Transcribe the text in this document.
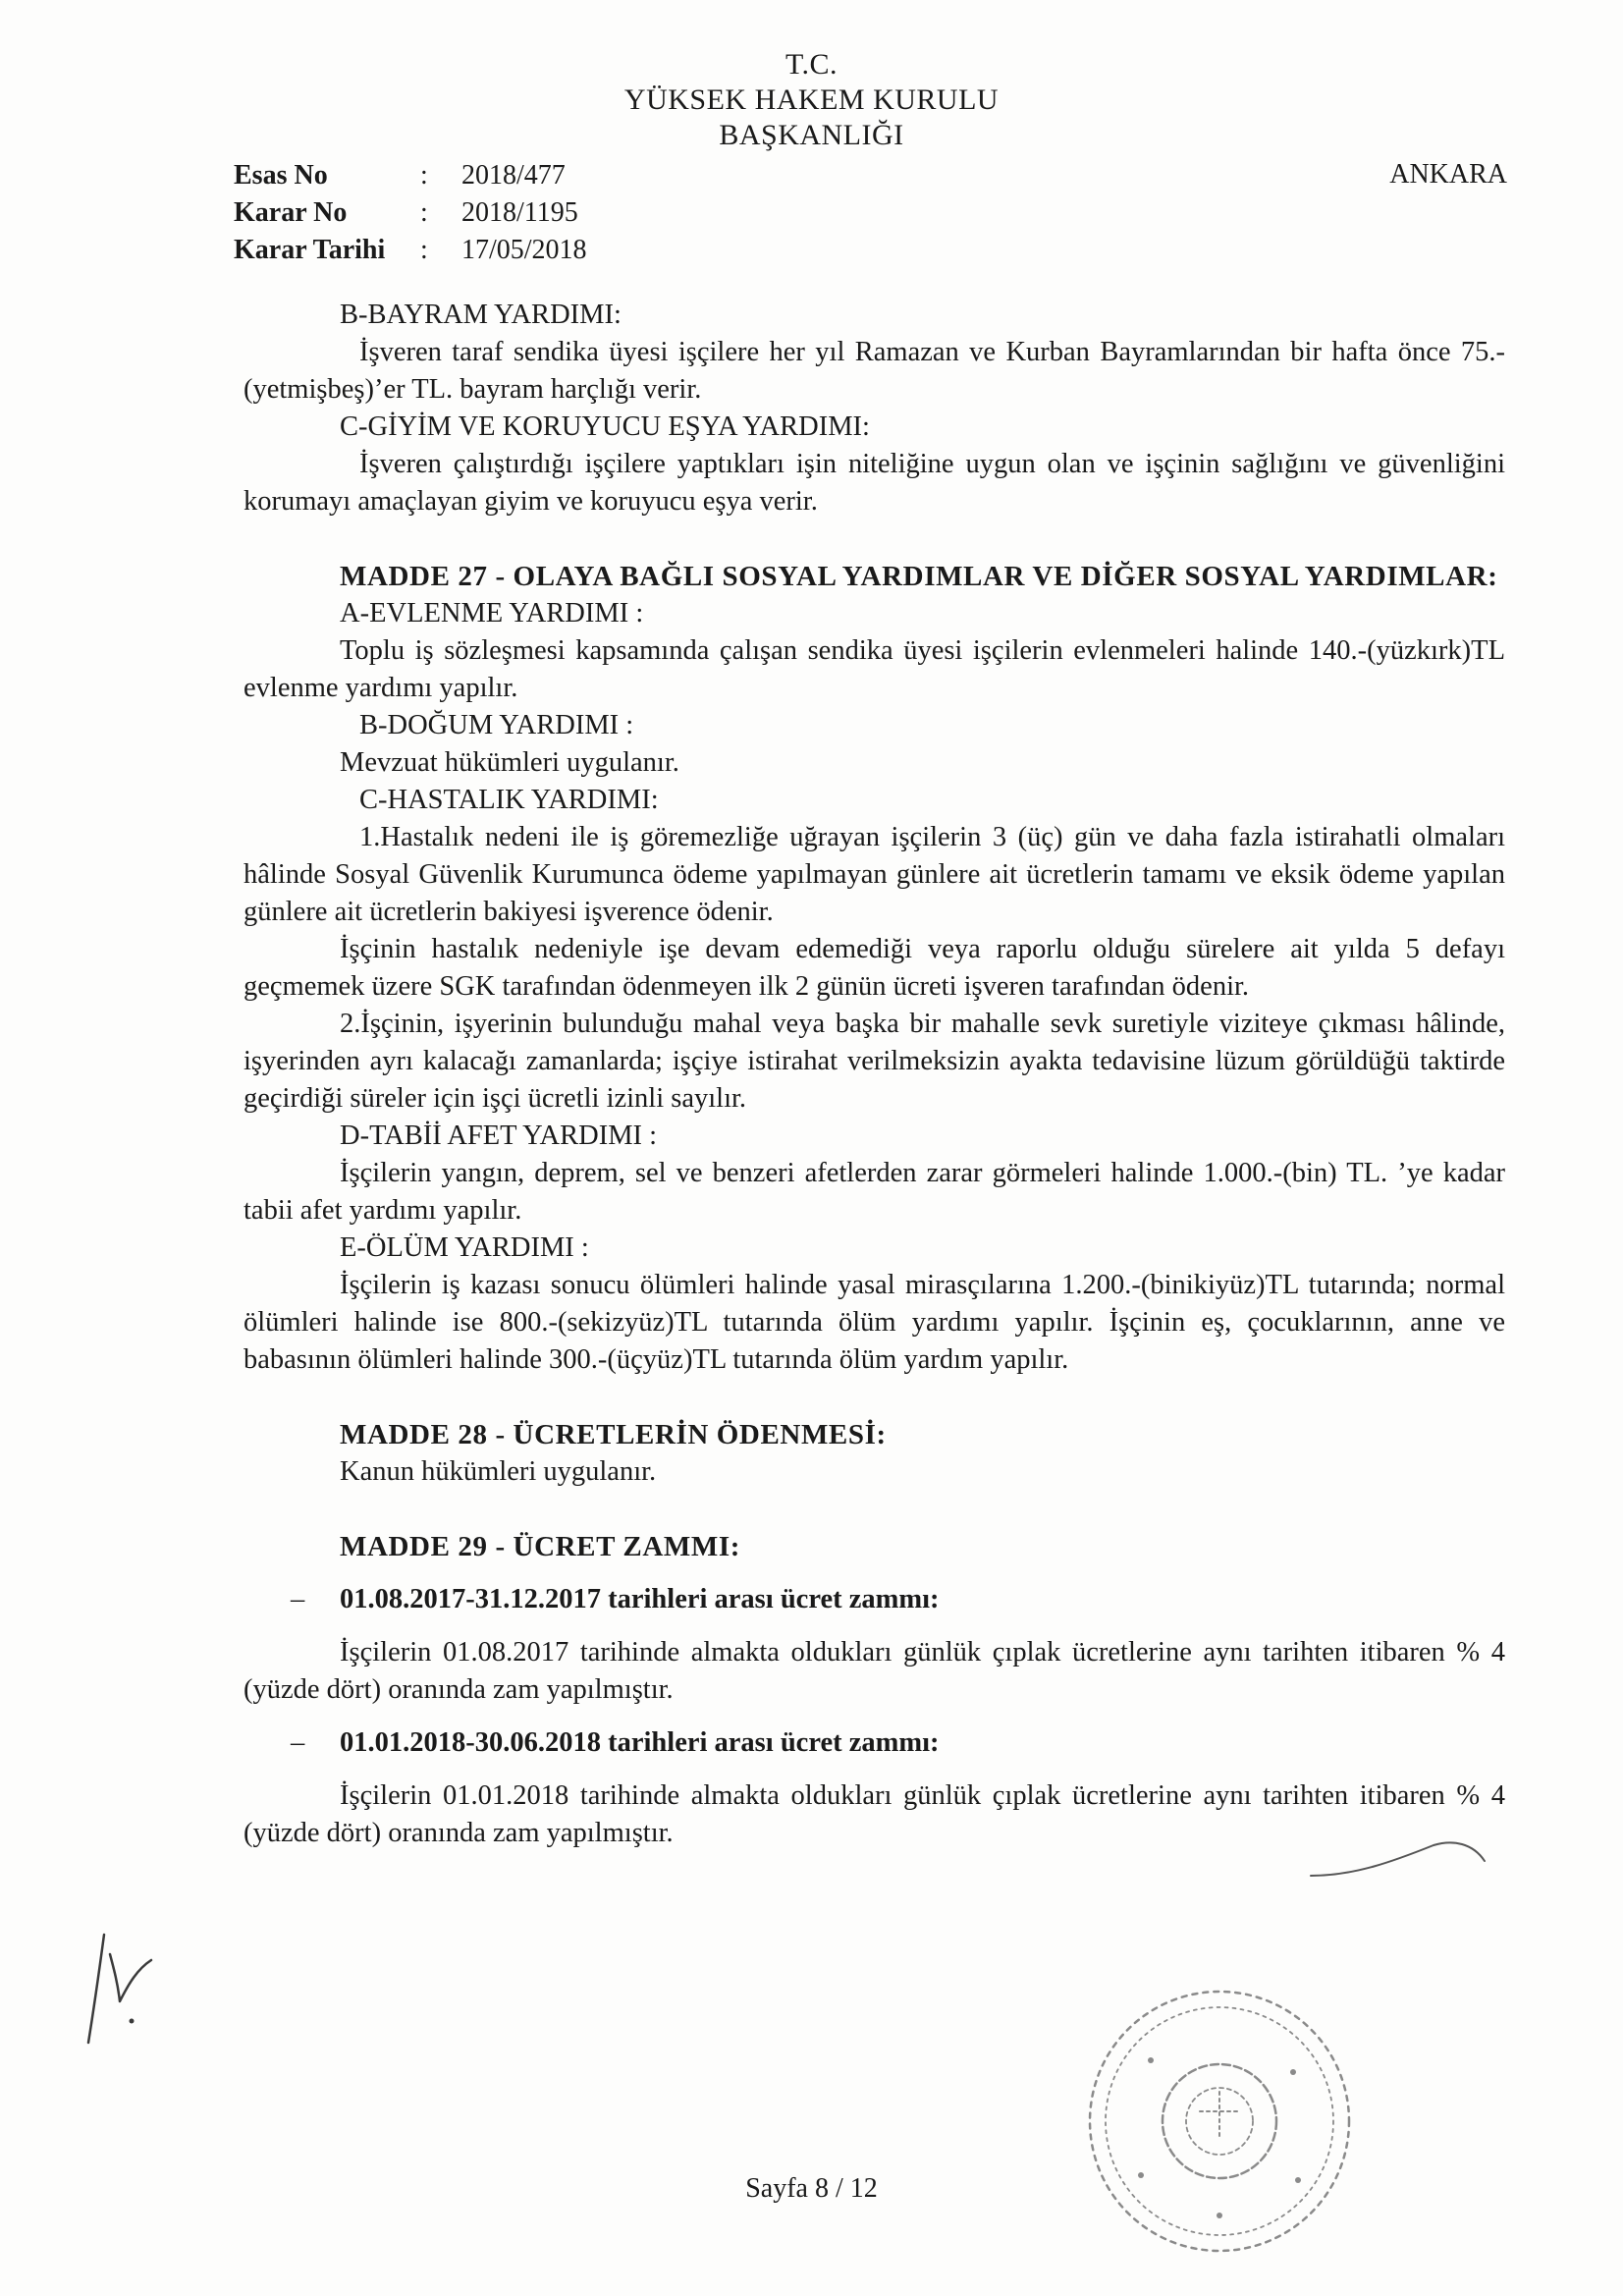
T.C.
YÜKSEK HAKEM KURULU
BAŞKANLIĞI
Esas No	: 2018/477
Karar No	: 2018/1195
Karar Tarihi : 17/05/2018
ANKARA

B-BAYRAM YARDIMI:

İşveren taraf sendika üyesi işçilere her yıl Ramazan ve Kurban Bayramlarından bir hafta önce 75.-(yetmişbeş)’er TL. bayram harçlığı verir.

C-GİYİM VE KORUYUCU EŞYA YARDIMI:

İşveren çalıştırdığı işçilere yaptıkları işin niteliğine uygun olan ve işçinin sağlığını ve güvenliğini korumayı amaçlayan giyim ve koruyucu eşya verir.

MADDE 27 - OLAYA BAĞLI SOSYAL YARDIMLAR VE DİĞER SOSYAL YARDIMLAR:

A-EVLENME YARDIMI :

Toplu iş sözleşmesi kapsamında çalışan sendika üyesi işçilerin evlenmeleri halinde 140.-(yüzkırk)TL evlenme yardımı yapılır.

B-DOĞUM YARDIMI :

Mevzuat hükümleri uygulanır.

C-HASTALIK YARDIMI:

1.Hastalık nedeni ile iş göremezliğe uğrayan işçilerin 3 (üç) gün ve daha fazla istirahatli olmaları hâlinde Sosyal Güvenlik Kurumunca ödeme yapılmayan günlere ait ücretlerin tamamı ve eksik ödeme yapılan günlere ait ücretlerin bakiyesi işverence ödenir.

İşçinin hastalık nedeniyle işe devam edemediği veya raporlu olduğu sürelere ait yılda 5 defayı geçmemek üzere SGK tarafından ödenmeyen ilk 2 günün ücreti işveren tarafından ödenir.

2.İşçinin, işyerinin bulunduğu mahal veya başka bir mahalle sevk suretiyle viziteye çıkması hâlinde, işyerinden ayrı kalacağı zamanlarda; işçiye istirahat verilmeksizin ayakta tedavisine lüzum görüldüğü taktirde geçirdiği süreler için işçi ücretli izinli sayılır.

D-TABİİ AFET YARDIMI :

İşçilerin yangın, deprem, sel ve benzeri afetlerden zarar görmeleri halinde 1.000.-(bin) TL. ’ye kadar tabii afet yardımı yapılır.

E-ÖLÜM YARDIMI :

İşçilerin iş kazası sonucu ölümleri halinde yasal mirasçılarına 1.200.-(binikiyüz)TL tutarında; normal ölümleri halinde ise 800.-(sekizyüz)TL tutarında ölüm yardımı yapılır. İşçinin eş, çocuklarının, anne ve babasının ölümleri halinde 300.-(üçyüz)TL tutarında ölüm yardım yapılır.

MADDE 28 - ÜCRETLERİN ÖDENMESİ:

Kanun hükümleri uygulanır.

MADDE 29 - ÜCRET ZAMMI:

– 01.08.2017-31.12.2017 tarihleri arası ücret zammı:

İşçilerin 01.08.2017 tarihinde almakta oldukları günlük çıplak ücretlerine aynı tarihten itibaren % 4 (yüzde dört) oranında zam yapılmıştır.

– 01.01.2018-30.06.2018 tarihleri arası ücret zammı:

İşçilerin 01.01.2018 tarihinde almakta oldukları günlük çıplak ücretlerine aynı tarihten itibaren % 4 (yüzde dört) oranında zam yapılmıştır.

Sayfa 8 / 12
